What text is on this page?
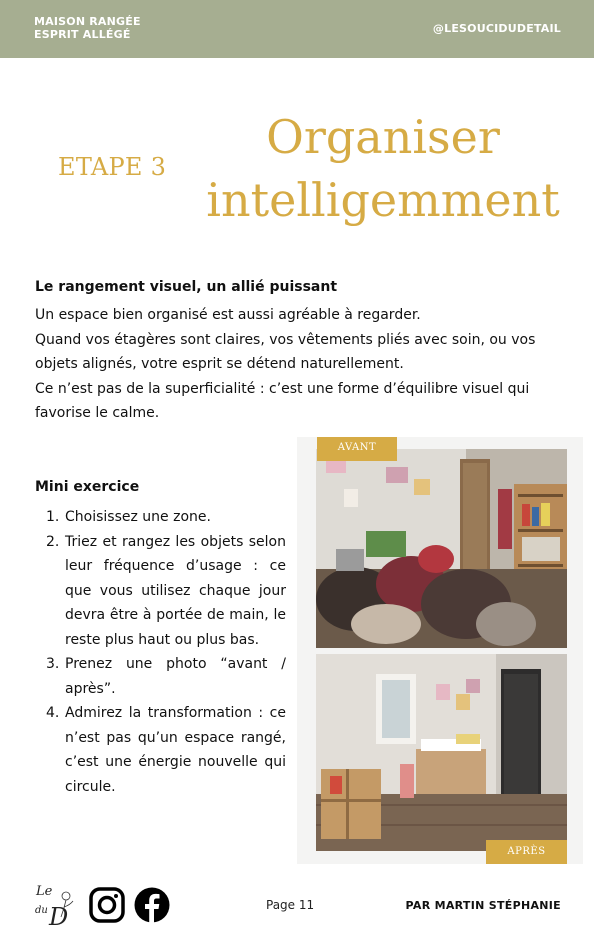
MAISON RANGÉE
ESPRIT ALLÉGÉ	@LESOUCIDUDETAIL
ETAPE 3
Organiser
intelligemment
Le rangement visuel, un allié puissant

Un espace bien organisé est aussi agréable à regarder.

Quand vos étagères sont claires, vos vêtements pliés avec soin, ou vos objets alignés, votre esprit se détend naturellement.

Ce n’est pas de la superficialité : c’est une forme d’équilibre visuel qui favorise le calme.

Mini exercice
1. Choisissez une zone.
2. Triez et rangez les objets selon leur fréquence d’usage : ce que vous utilisez chaque jour devra être à portée de main, le reste plus haut ou plus bas.
3. Prenez une photo “avant / après”.
4. Admirez la transformation : ce n’est pas qu’un espace rangé, c’est une énergie nouvelle qui circule.
AVANT
APRÈS
Le
du D	Page 11	PAR MARTIN STÉPHANIE
